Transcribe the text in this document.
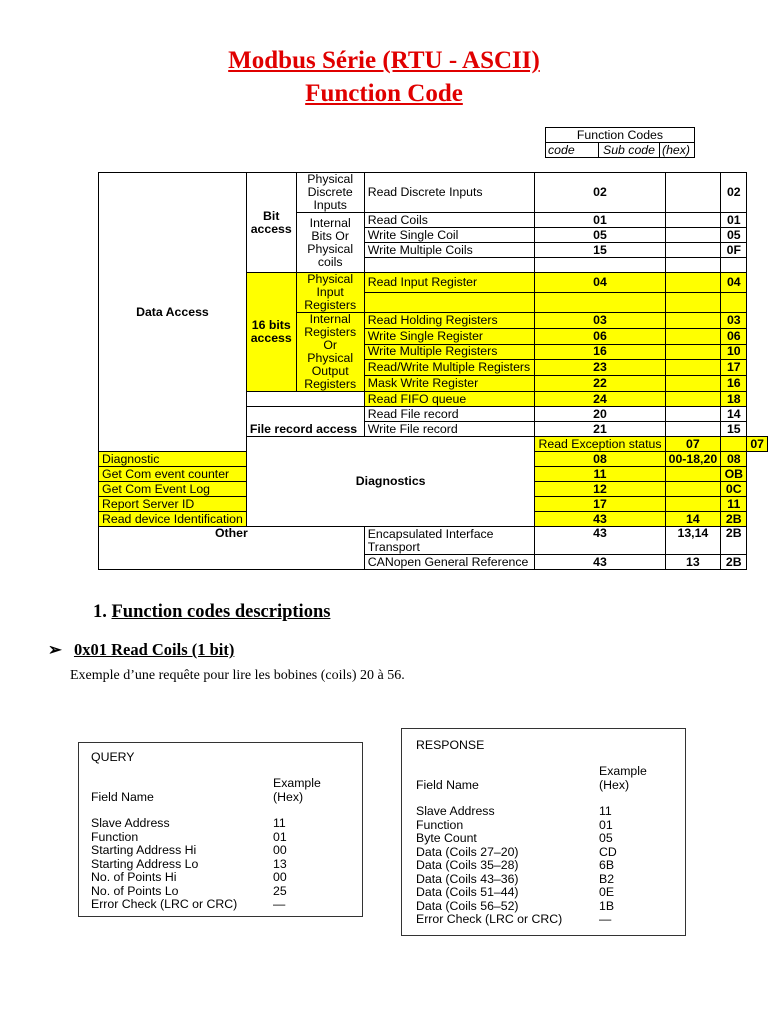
Modbus Série (RTU - ASCII)
Function Code
Function Codes
code	Sub code	(hex)
Data Access	Bit access	Physical Discrete Inputs	Read Discrete Inputs	02		02	
		Internal Bits Or Physical coils	Read Coils	01		01	
			Write Single Coil	05		05	
			Write Multiple Coils	15		0F	

	16 bits access	Physical Input Registers	Read Input Register	04		04	

		Internal Registers Or Physical Output Registers	Read Holding Registers	03		03	
			Write Single Register	06		06	
			Write Multiple Registers	16		10	
			Read/Write Multiple Registers	23		17	
			Mask Write Register	22		16	
			Read FIFO queue	24		18	
	File record access		Read File record	20		14	
			Write File record	21		15	
	Diagnostics			Read Exception status	07		07
Diagnostic				08	00-18,20	08	
Get Com event counter				11		OB	
Get Com Event Log				12		0C	
Report Server ID				17		11	
Read device Identification				43	14	2B	
Other			Encapsulated Interface Transport	43	13,14	2B	
			CANopen General Reference	43	13	2B	
1. Function codes descriptions
➢ 0x01 Read Coils (1 bit)
Exemple d’une requête pour lire les bobines (coils) 20 à 56.
QUERY
Example
Field Name	(Hex)
Slave Address	11
Function	01
Starting Address Hi	00
Starting Address Lo	13
No. of Points Hi	00
No. of Points Lo	25
Error Check (LRC or CRC)	—
RESPONSE
Example
Field Name	(Hex)
Slave Address	11
Function	01
Byte Count	05
Data (Coils 27–20)	CD
Data (Coils 35–28)	6B
Data (Coils 43–36)	B2
Data (Coils 51–44)	0E
Data (Coils 56–52)	1B
Error Check (LRC or CRC)	—
